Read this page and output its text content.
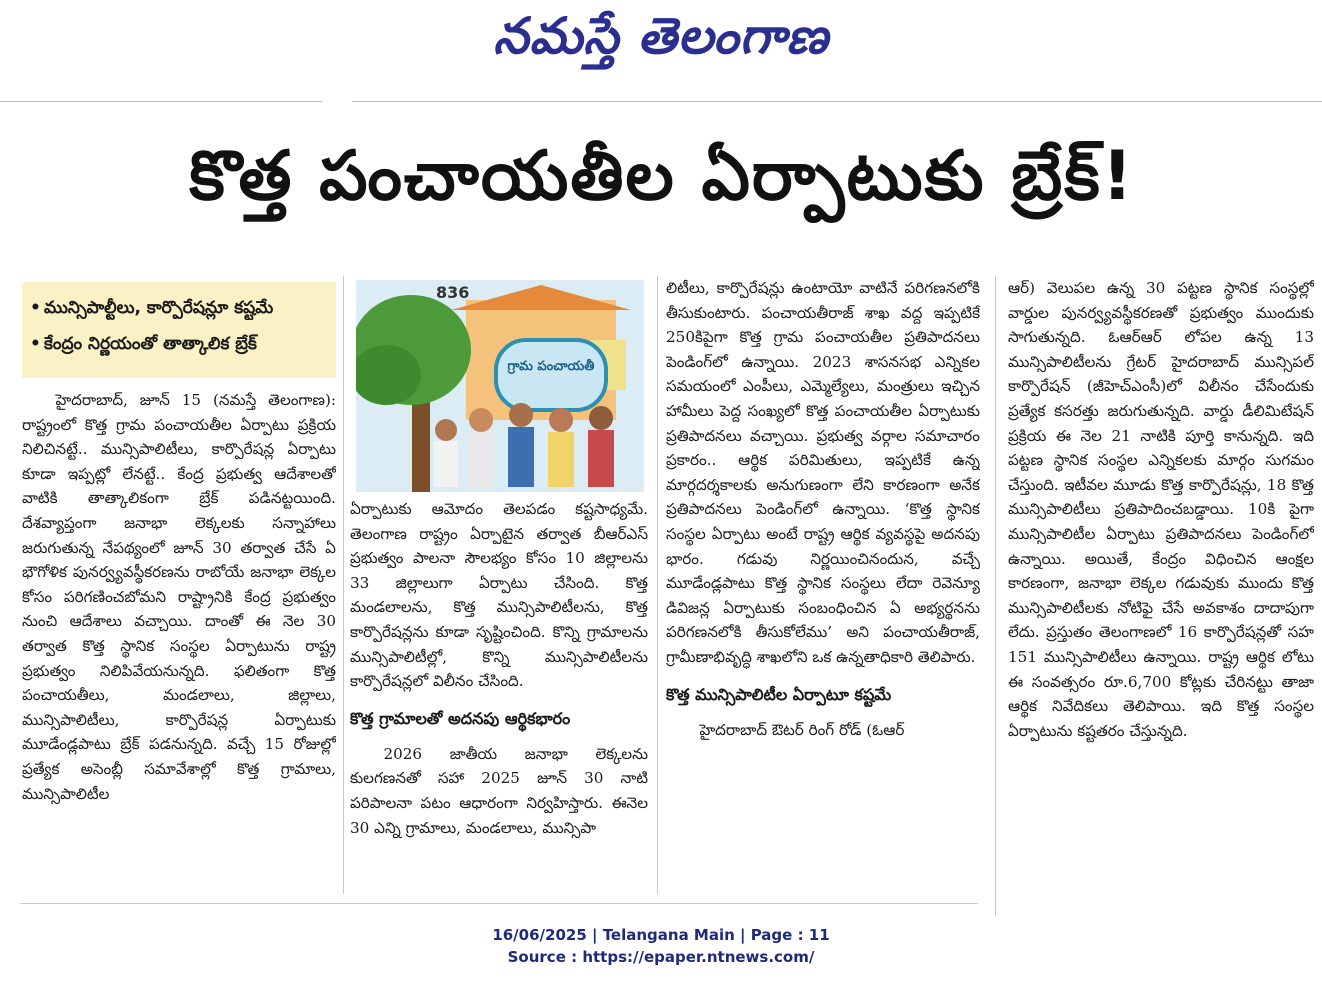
నమస్తే తెలంగాణ
కొత్త పంచాయతీల ఏర్పాటుకు బ్రేక్!
• మున్సిపాల్టీలు, కార్పొరేషన్లూ కష్టమే
• కేంద్రం నిర్ణయంతో తాత్కాలిక బ్రేక్

హైదరాబాద్, జూన్ 15 (నమస్తే తెలంగాణ): రాష్ట్రంలో కొత్త గ్రామ పంచాయతీల ఏర్పాటు ప్రక్రియ నిలిచినట్టే.. మున్సిపాలిటీలు, కార్పొరేషన్ల ఏర్పాటు కూడా ఇప్పట్లో లేనట్టే.. కేంద్ర ప్రభుత్వ ఆదేశాలతో వాటికి తాత్కాలికంగా బ్రేక్ పడినట్టయింది. దేశవ్యాప్తంగా జనాభా లెక్కలకు సన్నాహాలు జరుగుతున్న నేపథ్యంలో జూన్ 30 తర్వాత చేసే ఏ భౌగోళిక పునర్వ్యవస్థీకరణను రాబోయే జనాభా లెక్కల కోసం పరిగణించబోమని రాష్ట్రానికి కేంద్ర ప్రభుత్వం నుంచి ఆదేశాలు వచ్చాయి. దాంతో ఈ నెల 30 తర్వాత కొత్త స్థానిక సంస్థల ఏర్పాటును రాష్ట్ర ప్రభుత్వం నిలిపివేయనున్నది. ఫలితంగా కొత్త పంచాయతీలు, మండలాలు, జిల్లాలు, మున్సిపాలిటీలు, కార్పొరేషన్ల ఏర్పాటుకు మూడేండ్లపాటు బ్రేక్ పడనున్నది. వచ్చే 15 రోజుల్లో ప్రత్యేక అసెంబ్లీ సమావేశాల్లో కొత్త గ్రామాలు, మున్సిపాలిటీల

గ్రామ పంచాయతీ
836

ఏర్పాటుకు ఆమోదం తెలపడం కష్టసాధ్యమే. తెలంగాణ రాష్ట్రం ఏర్పాటైన తర్వాత బీఆర్ఎస్ ప్రభుత్వం పాలనా సౌలభ్యం కోసం 10 జిల్లాలను 33 జిల్లాలుగా ఏర్పాటు చేసింది. కొత్త మండలాలను, కొత్త మున్సిపాలిటీలను, కొత్త కార్పొరేషన్లను కూడా సృష్టించింది. కొన్ని గ్రామాలను మున్సిపాలిటీల్లో, కొన్ని మున్సిపాలిటీలను కార్పొరేషన్లలో విలీనం చేసింది.

కొత్త గ్రామాలతో అదనపు ఆర్థికభారం

2026 జాతీయ జనాభా లెక్కలను కులగణనతో సహా 2025 జూన్ 30 నాటి పరిపాలనా పటం ఆధారంగా నిర్వహిస్తారు. ఈనెల 30 ఎన్ని గ్రామాలు, మండలాలు, మున్సిపా

లిటీలు, కార్పొరేషన్లు ఉంటాయో వాటినే పరిగణనలోకి తీసుకుంటారు. పంచాయతీరాజ్ శాఖ వద్ద ఇప్పటికే 250కిపైగా కొత్త గ్రామ పంచాయతీల ప్రతిపాదనలు పెండింగ్‌లో ఉన్నాయి. 2023 శాసనసభ ఎన్నికల సమయంలో ఎంపీలు, ఎమ్మెల్యేలు, మంత్రులు ఇచ్చిన హామీలు పెద్ద సంఖ్యలో కొత్త పంచాయతీల ఏర్పాటుకు ప్రతిపాదనలు వచ్చాయి. ప్రభుత్వ వర్గాల సమాచారం ప్రకారం.. ఆర్థిక పరిమితులు, ఇప్పటికే ఉన్న మార్గదర్శకాలకు అనుగుణంగా లేని కారణంగా అనేక ప్రతిపాదనలు పెండింగ్‌లో ఉన్నాయి. ‘కొత్త స్థానిక సంస్థల ఏర్పాటు అంటే రాష్ట్ర ఆర్థిక వ్యవస్థపై అదనపు భారం. గడువు నిర్ణయించినందున, వచ్చే మూడేండ్లపాటు కొత్త స్థానిక సంస్థలు లేదా రెవెన్యూ డివిజన్ల ఏర్పాటుకు సంబంధించిన ఏ అభ్యర్థనను పరిగణనలోకి తీసుకోలేము’ అని పంచాయతీరాజ్, గ్రామీణాభివృద్ధి శాఖలోని ఒక ఉన్నతాధికారి తెలిపారు.

కొత్త మున్సిపాలిటీల ఏర్పాటూ కష్టమే

హైదరాబాద్ ఔటర్ రింగ్ రోడ్ (ఓఆర్

ఆర్) వెలుపల ఉన్న 30 పట్టణ స్థానిక సంస్థల్లో వార్డుల పునర్వ్యవస్థీకరణతో ప్రభుత్వం ముందుకు సాగుతున్నది. ఓఆర్ఆర్ లోపల ఉన్న 13 మున్సిపాలిటీలను గ్రేటర్ హైదరాబాద్ మున్సిపల్ కార్పొరేషన్ (జీహెచ్ఎంసీ)లో విలీనం చేసేందుకు ప్రత్యేక కసరత్తు జరుగుతున్నది. వార్డు డీలిమిటేషన్ ప్రక్రియ ఈ నెల 21 నాటికి పూర్తి కానున్నది. ఇది పట్టణ స్థానిక సంస్థల ఎన్నికలకు మార్గం సుగమం చేస్తుంది. ఇటీవల మూడు కొత్త కార్పొరేషన్లు, 18 కొత్త మున్సిపాలిటీలు ప్రతిపాదించబడ్డాయి. 10కి పైగా మున్సిపాలిటీల ఏర్పాటు ప్రతిపాదనలు పెండింగ్‌లో ఉన్నాయి. అయితే, కేంద్రం విధించిన ఆంక్షల కారణంగా, జనాభా లెక్కల గడువుకు ముందు కొత్త మున్సిపాలిటీలకు నోటిఫై చేసే అవకాశం దాదాపుగా లేదు. ప్రస్తుతం తెలంగాణలో 16 కార్పొరేషన్లతో సహ 151 మున్సిపాలిటీలు ఉన్నాయి. రాష్ట్ర ఆర్థిక లోటు ఈ సంవత్సరం రూ.6,700 కోట్లకు చేరినట్టు తాజా ఆర్థిక నివేదికలు తెలిపాయి. ఇది కొత్త సంస్థల ఏర్పాటును కష్టతరం చేస్తున్నది.

16/06/2025 | Telangana Main | Page : 11
Source : https://epaper.ntnews.com/
